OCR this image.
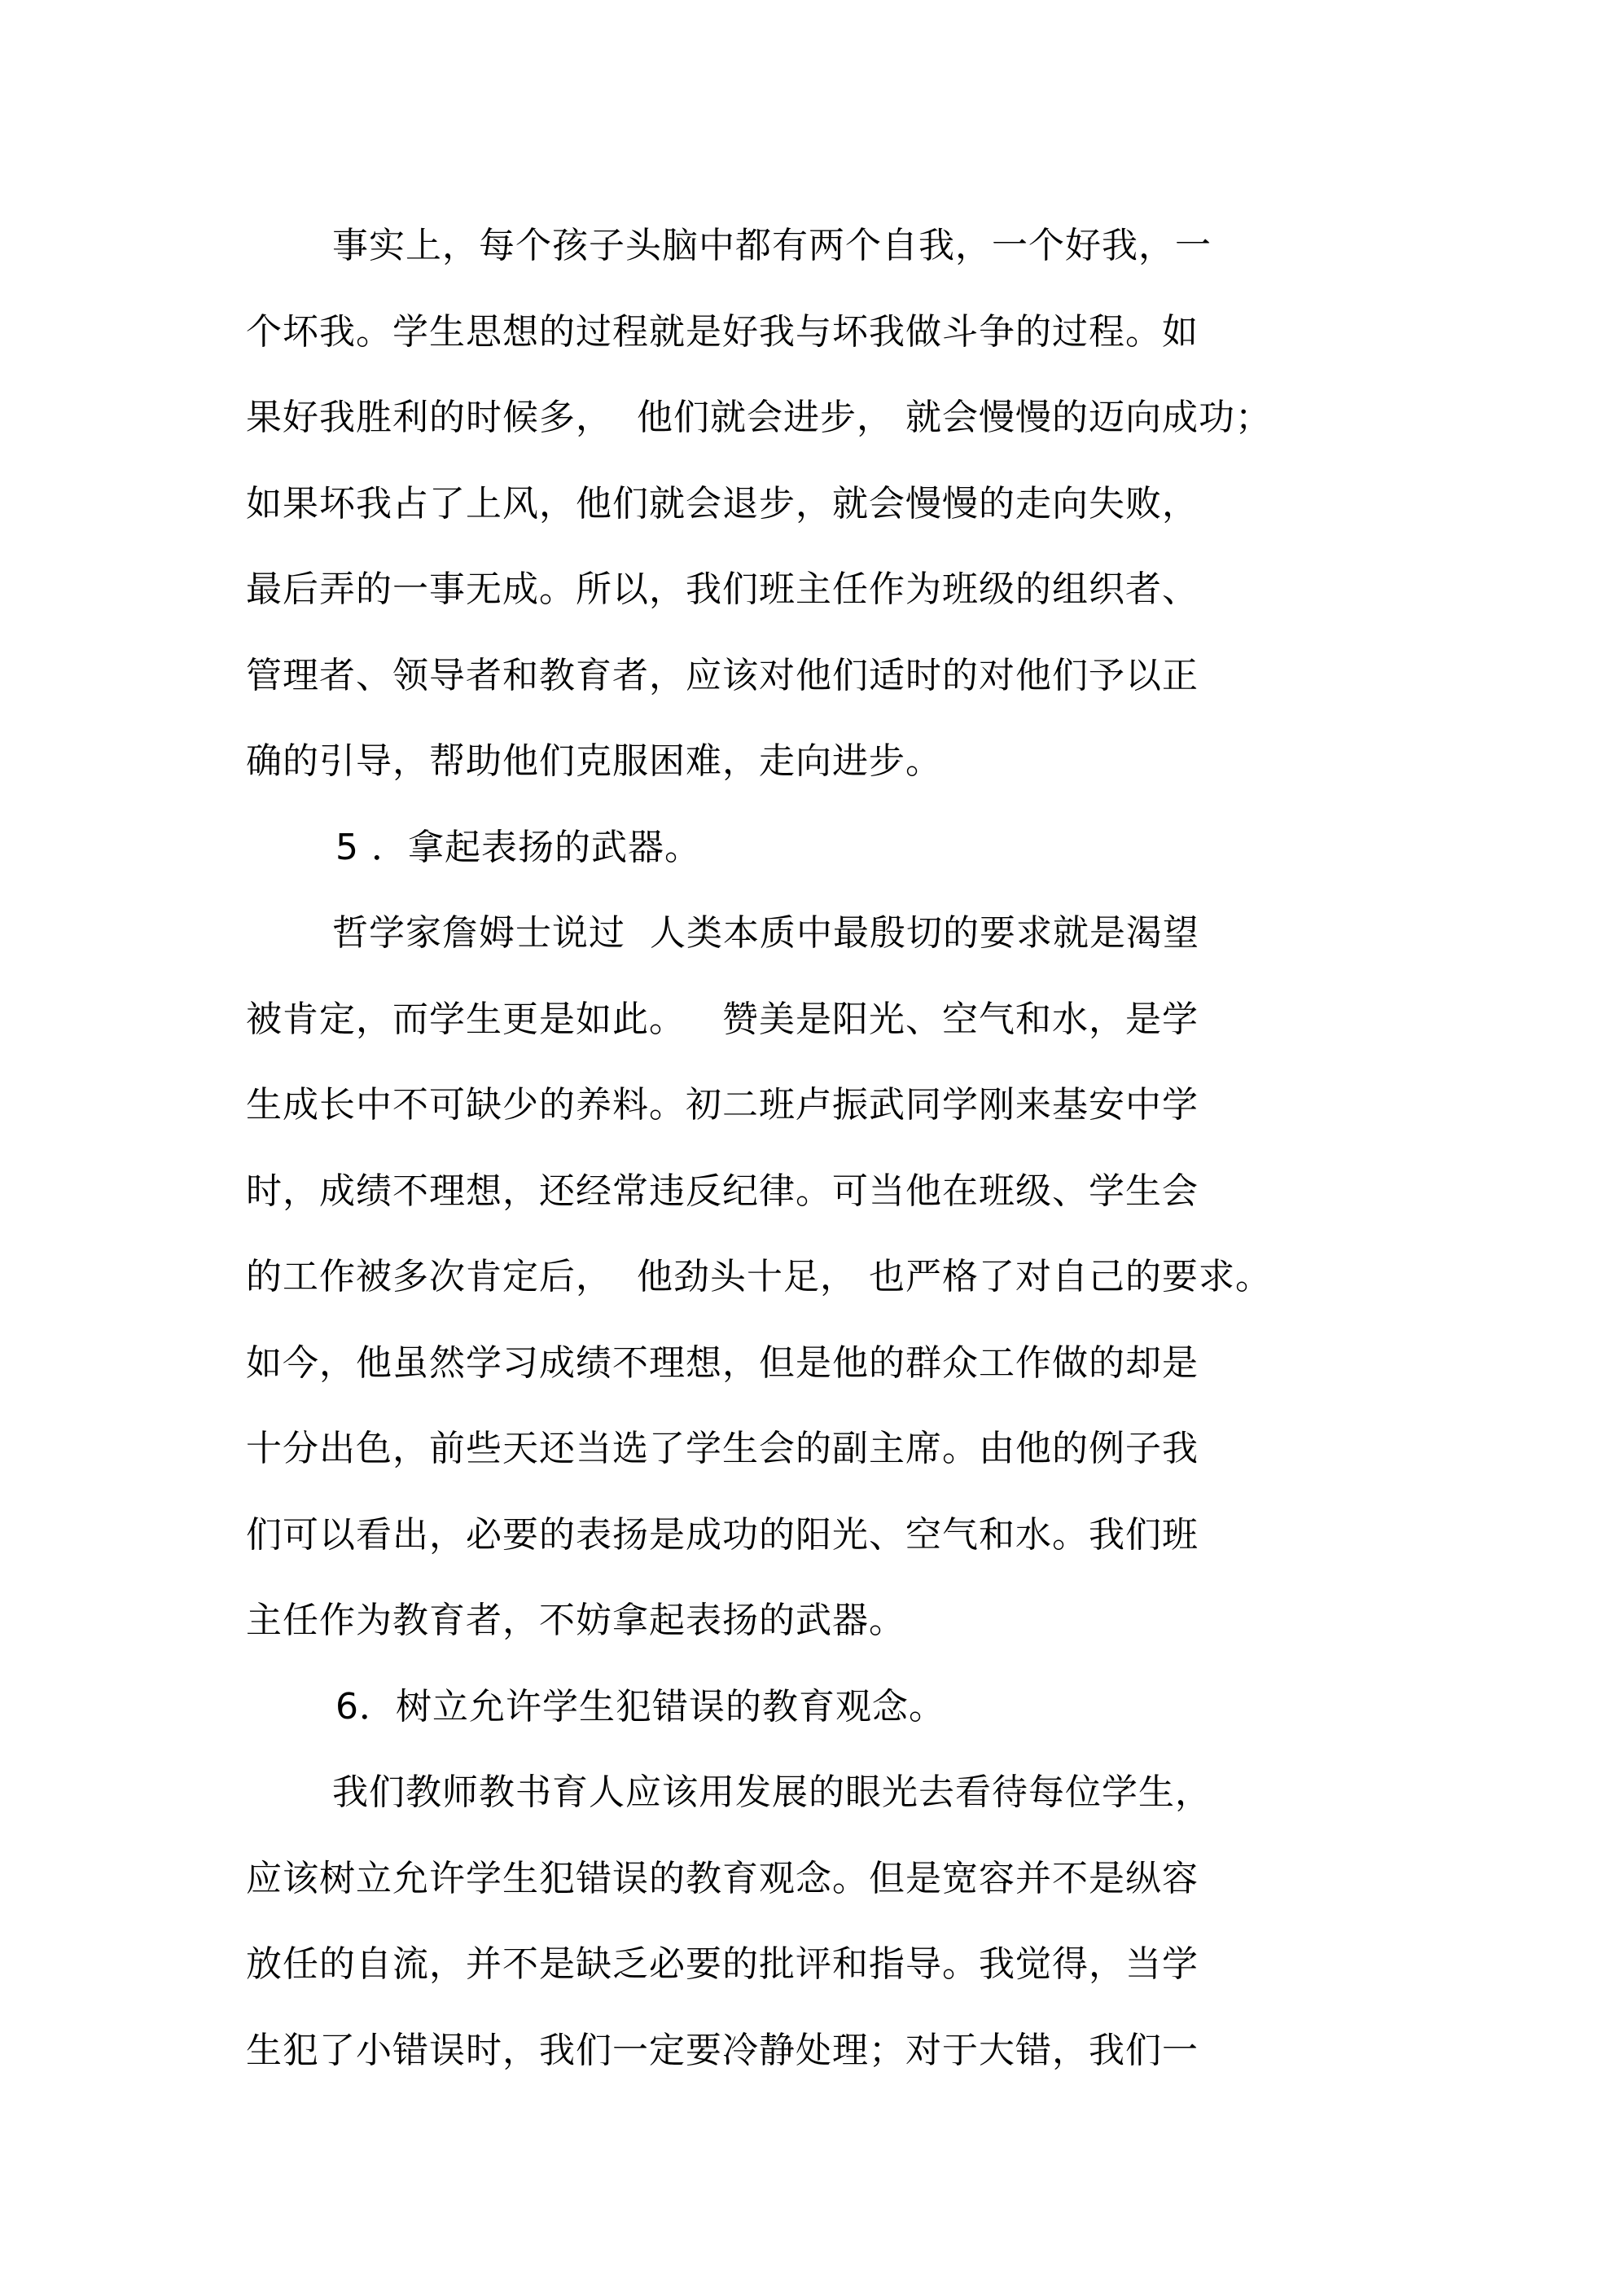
事实上，每个孩子头脑中都有两个自我，一个好我，一
个坏我。学生思想的过程就是好我与坏我做斗争的过程。如
果好我胜利的时候多，  他们就会进步， 就会慢慢的迈向成功；
如果坏我占了上风，他们就会退步，就会慢慢的走向失败，
最后弄的一事无成。所以，我们班主任作为班级的组织者、
管理者、领导者和教育者，应该对他们适时的对他们予以正
确的引导，帮助他们克服困难，走向进步。
5 ．拿起表扬的武器。
哲学家詹姆士说过  人类本质中最殷切的要求就是渴望
被肯定，而学生更是如此。   赞美是阳光、空气和水，是学
生成长中不可缺少的养料。初二班卢振武同学刚来基安中学
时，成绩不理想，还经常违反纪律。可当他在班级、学生会
的工作被多次肯定后，  他劲头十足， 也严格了对自己的要求。
如今，他虽然学习成绩不理想，但是他的群众工作做的却是
十分出色，前些天还当选了学生会的副主席。由他的例子我
们可以看出，必要的表扬是成功的阳光、空气和水。我们班
主任作为教育者，不妨拿起表扬的武器。
6．树立允许学生犯错误的教育观念。
我们教师教书育人应该用发展的眼光去看待每位学生，
应该树立允许学生犯错误的教育观念。但是宽容并不是纵容
放任的自流，并不是缺乏必要的批评和指导。我觉得，当学
生犯了小错误时，我们一定要冷静处理；对于大错，我们一
